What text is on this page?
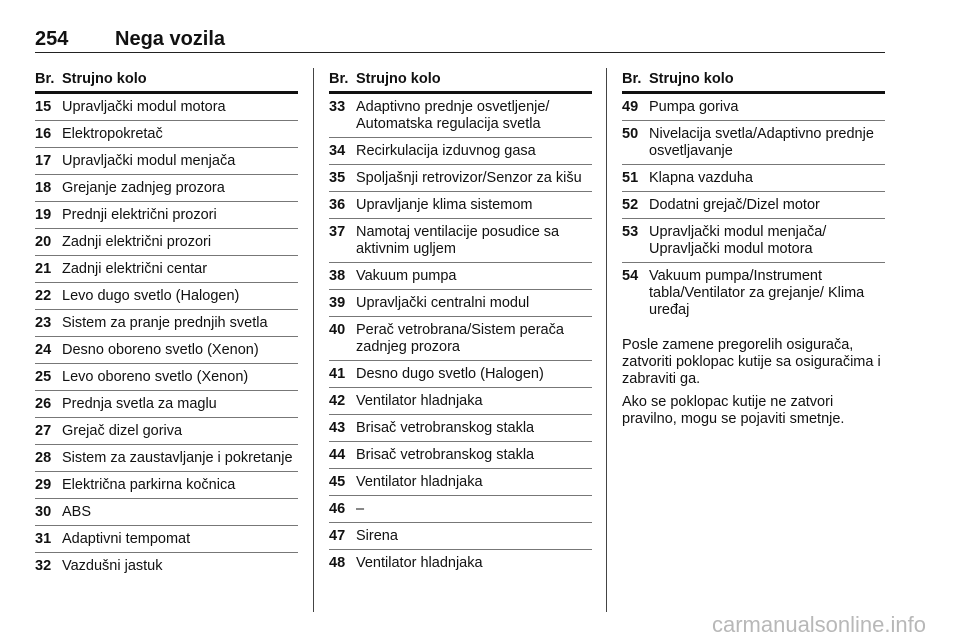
254 Nega vozila
Br. Strujno kolo
15 Upravljački modul motora
16 Elektropokretač
17 Upravljački modul menjača
18 Grejanje zadnjeg prozora
19 Prednji električni prozori
20 Zadnji električni prozori
21 Zadnji električni centar
22 Levo dugo svetlo (Halogen)
23 Sistem za pranje prednjih svetla
24 Desno oboreno svetlo (Xenon)
25 Levo oboreno svetlo (Xenon)
26 Prednja svetla za maglu
27 Grejač dizel goriva
28 Sistem za zaustavljanje i pokretanje
29 Električna parkirna kočnica
30 ABS
31 Adaptivni tempomat
32 Vazdušni jastuk
Br. Strujno kolo
33 Adaptivno prednje osvetljenje/ Automatska regulacija svetla
34 Recirkulacija izduvnog gasa
35 Spoljašnji retrovizor/Senzor za kišu
36 Upravljanje klima sistemom
37 Namotaj ventilacije posudice sa aktivnim ugljem
38 Vakuum pumpa
39 Upravljački centralni modul
40 Perač vetrobrana/Sistem perača zadnjeg prozora
41 Desno dugo svetlo (Halogen)
42 Ventilator hladnjaka
43 Brisač vetrobranskog stakla
44 Brisač vetrobranskog stakla
45 Ventilator hladnjaka
46 –
47 Sirena
48 Ventilator hladnjaka
Br. Strujno kolo
49 Pumpa goriva
50 Nivelacija svetla/Adaptivno prednje osvetljavanje
51 Klapna vazduha
52 Dodatni grejač/Dizel motor
53 Upravljački modul menjača/ Upravljački modul motora
54 Vakuum pumpa/Instrument tabla/Ventilator za grejanje/ Klima uređaj

Posle zamene pregorelih osigurača, zatvoriti poklopac kutije sa osiguračima i zabraviti ga.

Ako se poklopac kutije ne zatvori pravilno, mogu se pojaviti smetnje.

carmanualsonline.info
